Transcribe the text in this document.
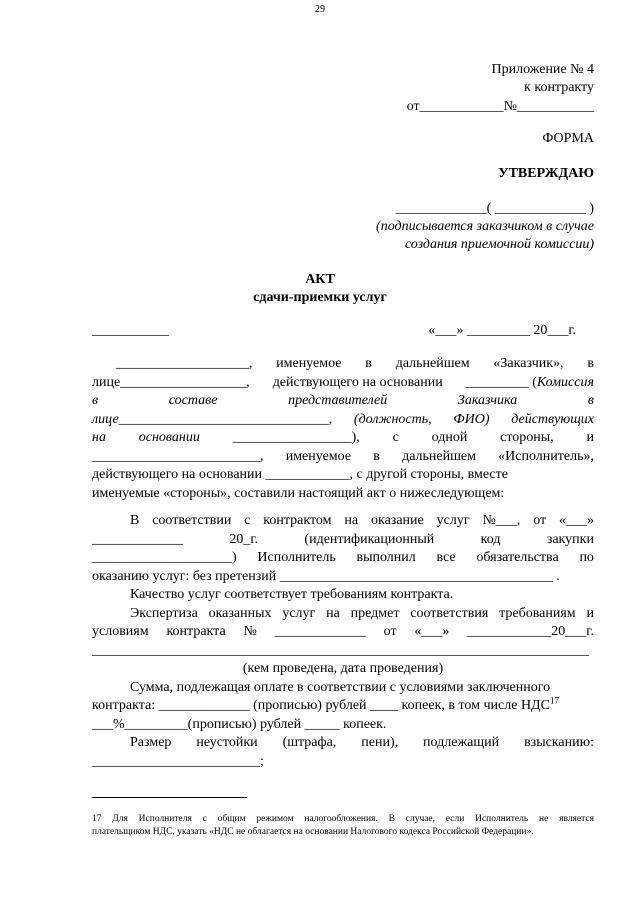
29
Приложение № 4
к контракту
от____________№___________
ФОРМА
УТВЕРЖДАЮ
_____________( _____________ )
(подписывается заказчиком в случае
создания приемочной комиссии)
АКТ
сдачи-приемки услуг
___________	«___» _________ 20___г.
___________________, именуемое в дальнейшем «Заказчик», в
лице__________________, действующего на основании _________ (Комиссия
в	составе	представителей	Заказчика	в
лице______________________________, (должность, ФИО) действующих
на основании _________________), с одной стороны, и
________________________, именуемое в дальнейшем «Исполнитель»,
действующего на основании ____________, с другой стороны, вместе
именуемые «стороны», составили настоящий акт о нижеследующем:
В соответствии с контрактом на оказание услуг №___, от «___»
_____________	20_г.	(идентификационный	код	закупки
____________________) Исполнитель выполнил все обязательства по
оказанию услуг: без претензий _______________________________________ .
Качество услуг соответствует требованиям контракта.
Экспертиза оказанных услуг на предмет соответствия требованиям и
условиям контракта № _____________ от «___» ____________20___г.
_______________________________________________________________________
(кем проведена, дата проведения)
Сумма, подлежащая оплате в соответствии с условиями заключенного
контракта: _____________ (прописью) рублей ____ копеек, в том числе НДС$^{17}$
___%_________(прописью) рублей _____ копеек.
Размер неустойки (штрафа, пени), подлежащий взысканию:
________________________;
17 Для Исполнителя с общим режимом налогообложения. В случае, если Исполнитель не является
плательщиком НДС, указать «НДС не облагается на основании Налогового кодекса Российской Федерации».
